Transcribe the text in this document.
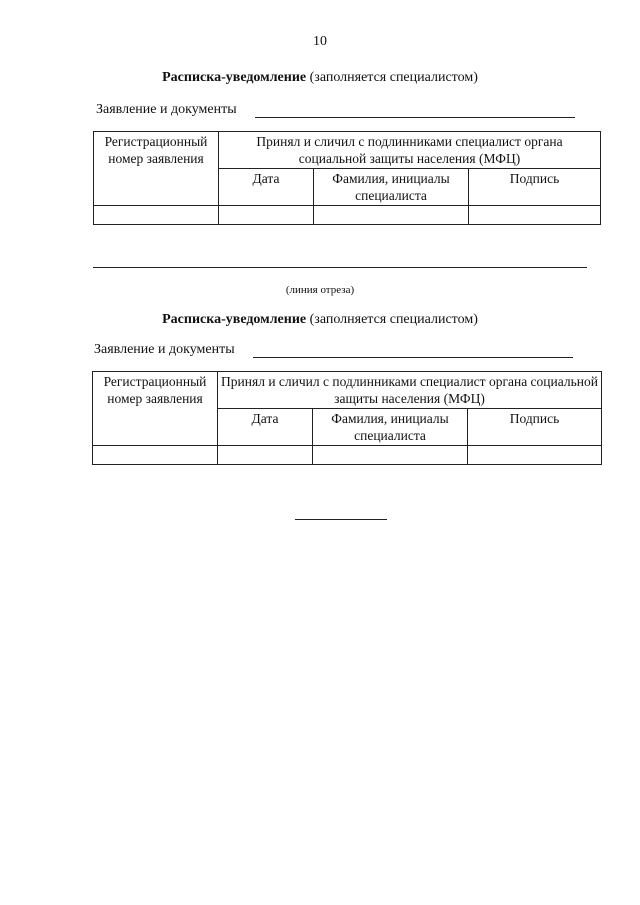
10
Расписка-уведомление (заполняется специалистом)
Заявление и документы
Регистрационный номер заявления	Принял и сличил с подлинниками специалист органа социальной защиты населения (МФЦ)		
	Дата	Фамилия, инициалы специалиста	Подпись

(линия отреза)
Расписка-уведомление (заполняется специалистом)
Заявление и документы
Регистрационный номер заявления	Принял и сличил с подлинниками специалист органа социальной защиты населения (МФЦ)		
	Дата	Фамилия, инициалы специалиста	Подпись
